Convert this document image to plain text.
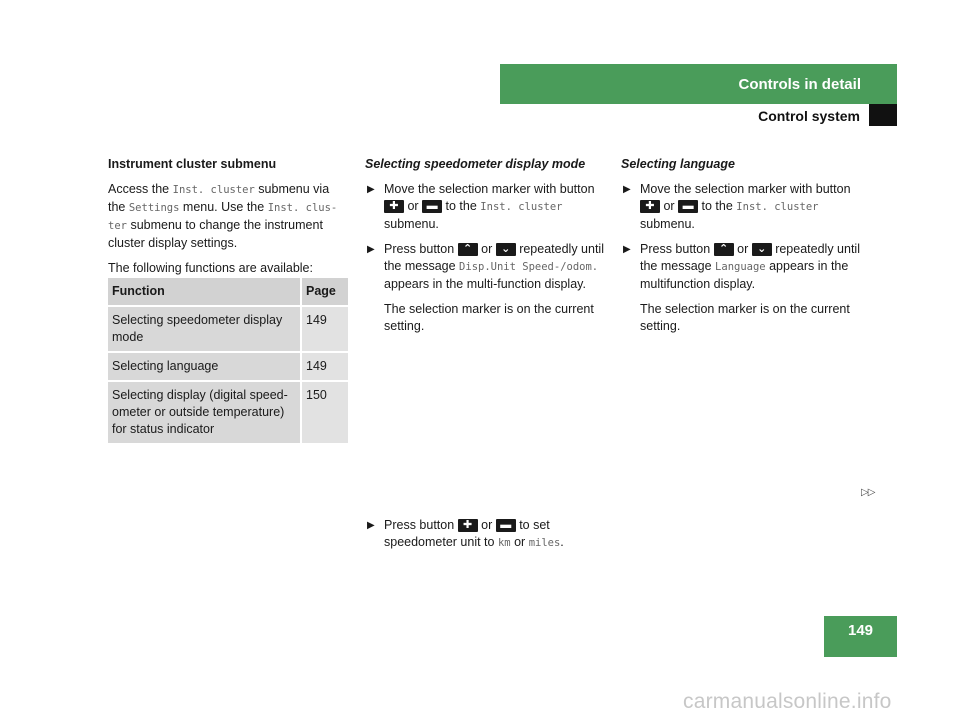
Controls in detail
Control system

Instrument cluster submenu

Access the Inst. cluster submenu via the Settings menu. Use the Inst. clus-ter submenu to change the instrument cluster display settings.

The following functions are available:

Function	Page
Selecting speedometer display mode	149
Selecting language	149
Selecting display (digital speed-ometer or outside temperature) for status indicator	150

Selecting speedometer display mode

▶ Move the selection marker with button ✚ or ▬ to the Inst. cluster submenu.
▶ Press button ⌃ or ⌄ repeatedly until the message Disp.Unit Speed-/odom. appears in the multi-function display.

The selection marker is on the current setting.

▶ Press button ✚ or ▬ to set speedometer unit to km or miles.

Selecting language

▶ Move the selection marker with button ✚ or ▬ to the Inst. cluster submenu.
▶ Press button ⌃ or ⌄ repeatedly until the message Language appears in the multifunction display.

The selection marker is on the current setting.

▷▷
149
carmanualsonline.info
